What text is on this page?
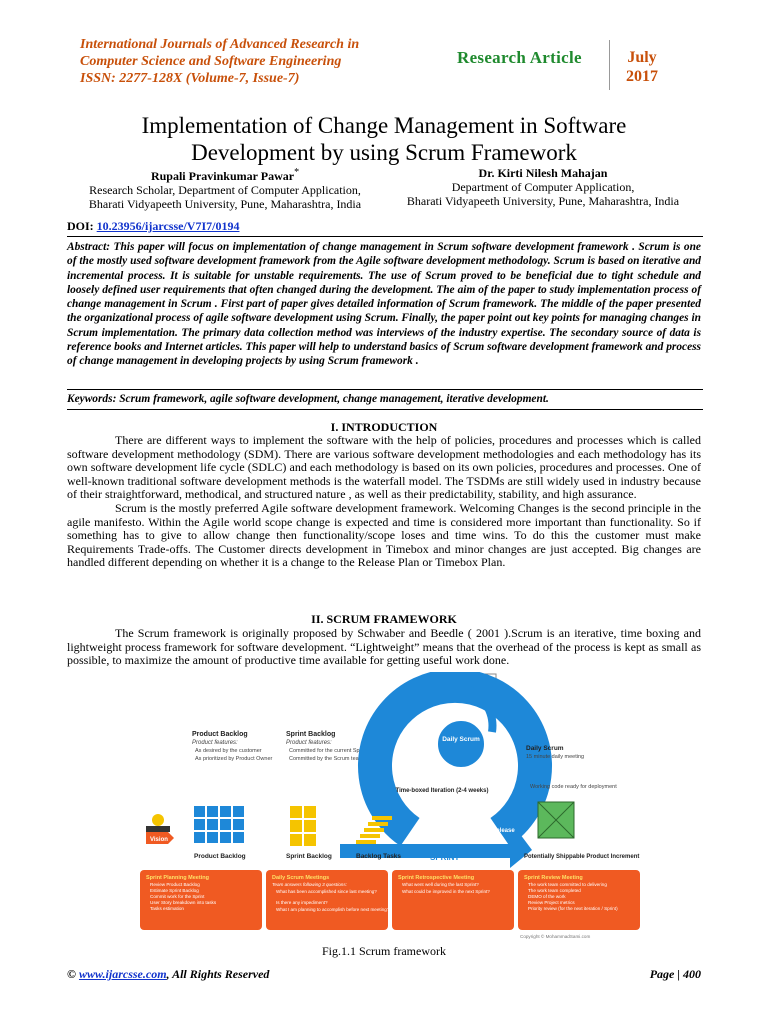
International Journals of Advanced Research in
Computer Science and Software Engineering
ISSN: 2277-128X (Volume-7, Issue-7)
Research Article	July
2017
Implementation of Change Management in Software
Development by using Scrum Framework
Rupali Pravinkumar Pawar*
Research Scholar, Department of Computer Application,
Bharati Vidyapeeth University, Pune, Maharashtra, India
Dr. Kirti Nilesh Mahajan
Department of Computer Application,
Bharati Vidyapeeth University, Pune, Maharashtra, India
DOI: 10.23956/ijarcsse/V7I7/0194
Abstract: This paper will focus on implementation of change management in Scrum software development framework . Scrum is one of the mostly used software development framework from the Agile software development methodology. Scrum is based on iterative and incremental process. It is suitable for unstable requirements. The use of Scrum proved to be beneficial due to tight schedule and loosely defined user requirements that often changed during the development. The aim of the paper to study implementation process of change management in Scrum . First part of paper gives detailed information of Scrum framework. The middle of the paper presented the organizational process of agile software development using Scrum. Finally, the paper point out key points for managing changes in Scrum implementation. The primary data collection method was interviews of the industry expertise. The secondary source of data is reference books and Internet articles. This paper will help to understand basics of Scrum software development framework and process of change management in developing projects by using Scrum framework .
Keywords: Scrum framework, agile software development, change management, iterative development.
I. INTRODUCTION

There are different ways to implement the software with the help of policies, procedures and processes which is called software development methodology (SDM). There are various software development methodologies and each methodology has its own software development life cycle (SDLC) and each methodology is based on its own policies, procedures and processes. One of well-known traditional software development methods is the waterfall model. The TSDMs are still widely used in industry because of their straightforward, methodical, and structured nature , as well as their predictability, stability, and high assurance.

Scrum is the mostly preferred Agile software development framework. Welcoming Changes is the second principle in the agile manifesto. Within the Agile world scope change is expected and time is considered more important than functionality. So if something has to give to allow change then functionality/scope loses and time wins. To do this the customer must make Requirements Trade-offs. The Customer directs development in Timebox and minor changes are just accepted. Big changes are handled different depending on whether it is a change to the Release Plan or Timebox Plan.

II. SCRUM FRAMEWORK

The Scrum framework is originally proposed by Schwaber and Beedle ( 2001 ).Scrum is an iterative, time boxing and lightweight process framework for software development. “Lightweight” means that the overhead of the process is kept as small as possible, to maximize the amount of productive time available for getting useful work done.

Burndown Chart
Scrum Board
Product Backlog
Product features:
As desired by the customer
As prioritized by Product Owner
Sprint Backlog
Product features:
Committed for the current Sprint
Committed by the Scrum team
Daily Scrum
Daily Scrum
15 minute daily meeting
Time-boxed Iteration (2-4 weeks)
Release
Working code ready for deployment
Vision
Product Backlog	Sprint Backlog	Backlog Tasks	SPRINT	Potentially Shippable Product Increment
Sprint Planning Meeting
Review Product Backlog
Estimate Sprint Backlog
Commit work for the Sprint
User Story breakdown into tasks
Tasks estimation
Daily Scrum Meetings
Team answers following 3 questions:
What has been accomplished since last meeting?
Is there any impediment?
What I am planning to accomplish before next meeting?
Sprint Retrospective Meeting
What went well during the last Sprint?
What could be improved in the next Sprint?
Sprint Review Meeting
The work team committed to delivering
The work team completed
DEMO of the work
Review Project metrics
Priority review (for the next iteration / Sprint)
Copyright © MohammadSami.com
Fig.1.1 Scrum framework
© www.ijarcsse.com, All Rights Reserved	Page | 400
